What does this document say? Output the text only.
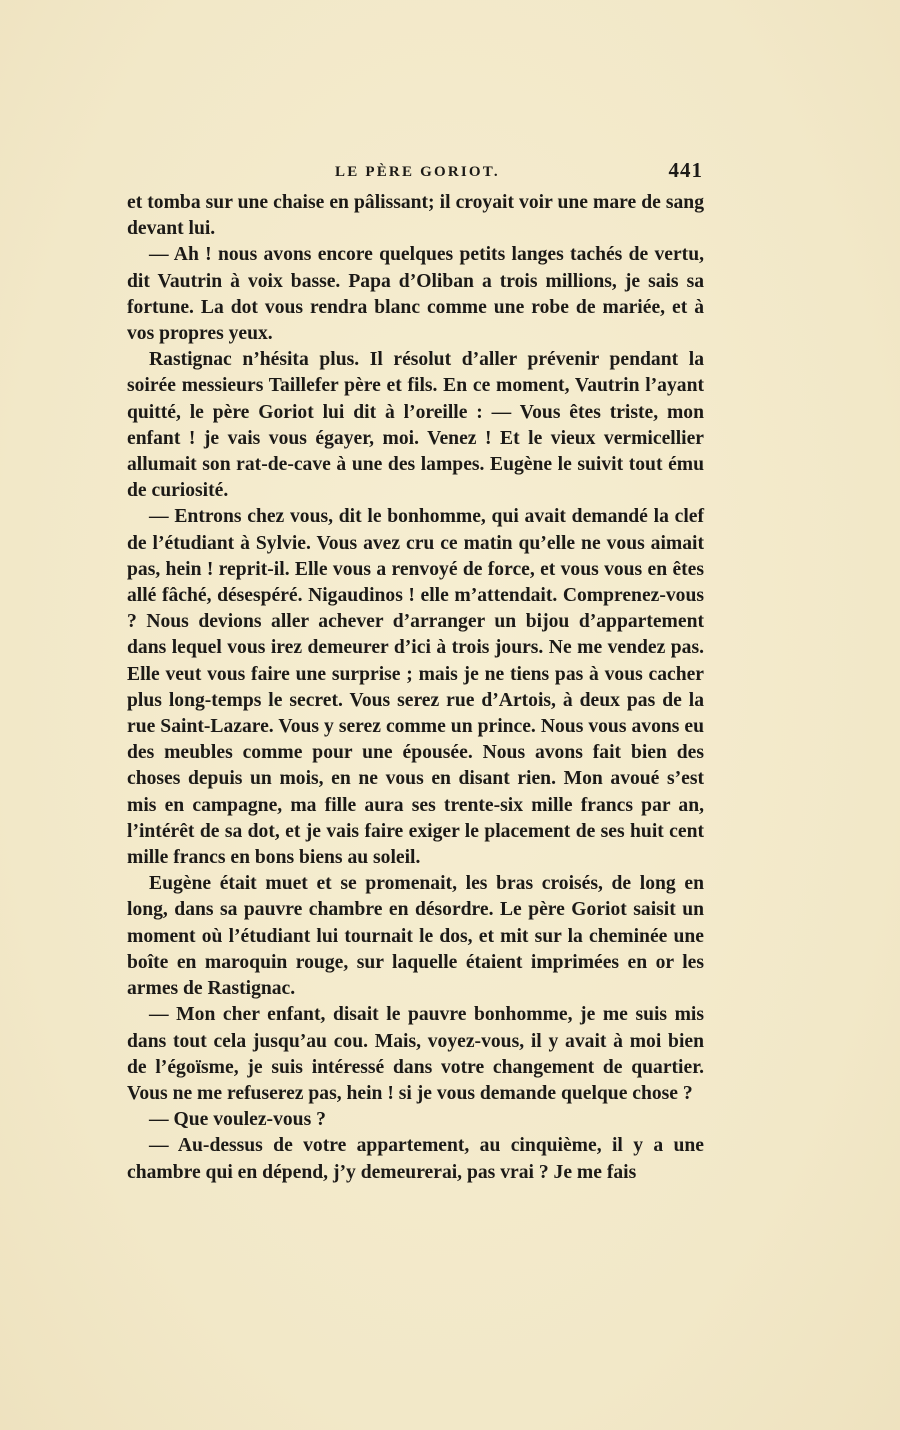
LE PÈRE GORIOT.	441

et tomba sur une chaise en pâlissant; il croyait voir une mare de sang devant lui.

— Ah ! nous avons encore quelques petits langes tachés de vertu, dit Vautrin à voix basse. Papa d’Oliban a trois millions, je sais sa fortune. La dot vous rendra blanc comme une robe de mariée, et à vos propres yeux.

Rastignac n’hésita plus. Il résolut d’aller prévenir pendant la soirée messieurs Taillefer père et fils. En ce moment, Vautrin l’ayant quitté, le père Goriot lui dit à l’oreille : — Vous êtes triste, mon enfant ! je vais vous égayer, moi. Venez ! Et le vieux vermicellier allumait son rat-de-cave à une des lampes. Eugène le suivit tout ému de curiosité.

— Entrons chez vous, dit le bonhomme, qui avait demandé la clef de l’étudiant à Sylvie. Vous avez cru ce matin qu’elle ne vous aimait pas, hein ! reprit-il. Elle vous a renvoyé de force, et vous vous en êtes allé fâché, désespéré. Nigaudinos ! elle m’attendait. Comprenez-vous ? Nous devions aller achever d’arranger un bijou d’appartement dans lequel vous irez demeurer d’ici à trois jours. Ne me vendez pas. Elle veut vous faire une surprise ; mais je ne tiens pas à vous cacher plus long-temps le secret. Vous serez rue d’Artois, à deux pas de la rue Saint-Lazare. Vous y serez comme un prince. Nous vous avons eu des meubles comme pour une épousée. Nous avons fait bien des choses depuis un mois, en ne vous en disant rien. Mon avoué s’est mis en campagne, ma fille aura ses trente-six mille francs par an, l’intérêt de sa dot, et je vais faire exiger le placement de ses huit cent mille francs en bons biens au soleil.

Eugène était muet et se promenait, les bras croisés, de long en long, dans sa pauvre chambre en désordre. Le père Goriot saisit un moment où l’étudiant lui tournait le dos, et mit sur la cheminée une boîte en maroquin rouge, sur laquelle étaient imprimées en or les armes de Rastignac.

— Mon cher enfant, disait le pauvre bonhomme, je me suis mis dans tout cela jusqu’au cou. Mais, voyez-vous, il y avait à moi bien de l’égoïsme, je suis intéressé dans votre changement de quartier. Vous ne me refuserez pas, hein ! si je vous demande quelque chose ?

— Que voulez-vous ?

— Au-dessus de votre appartement, au cinquième, il y a une chambre qui en dépend, j’y demeurerai, pas vrai ? Je me fais
